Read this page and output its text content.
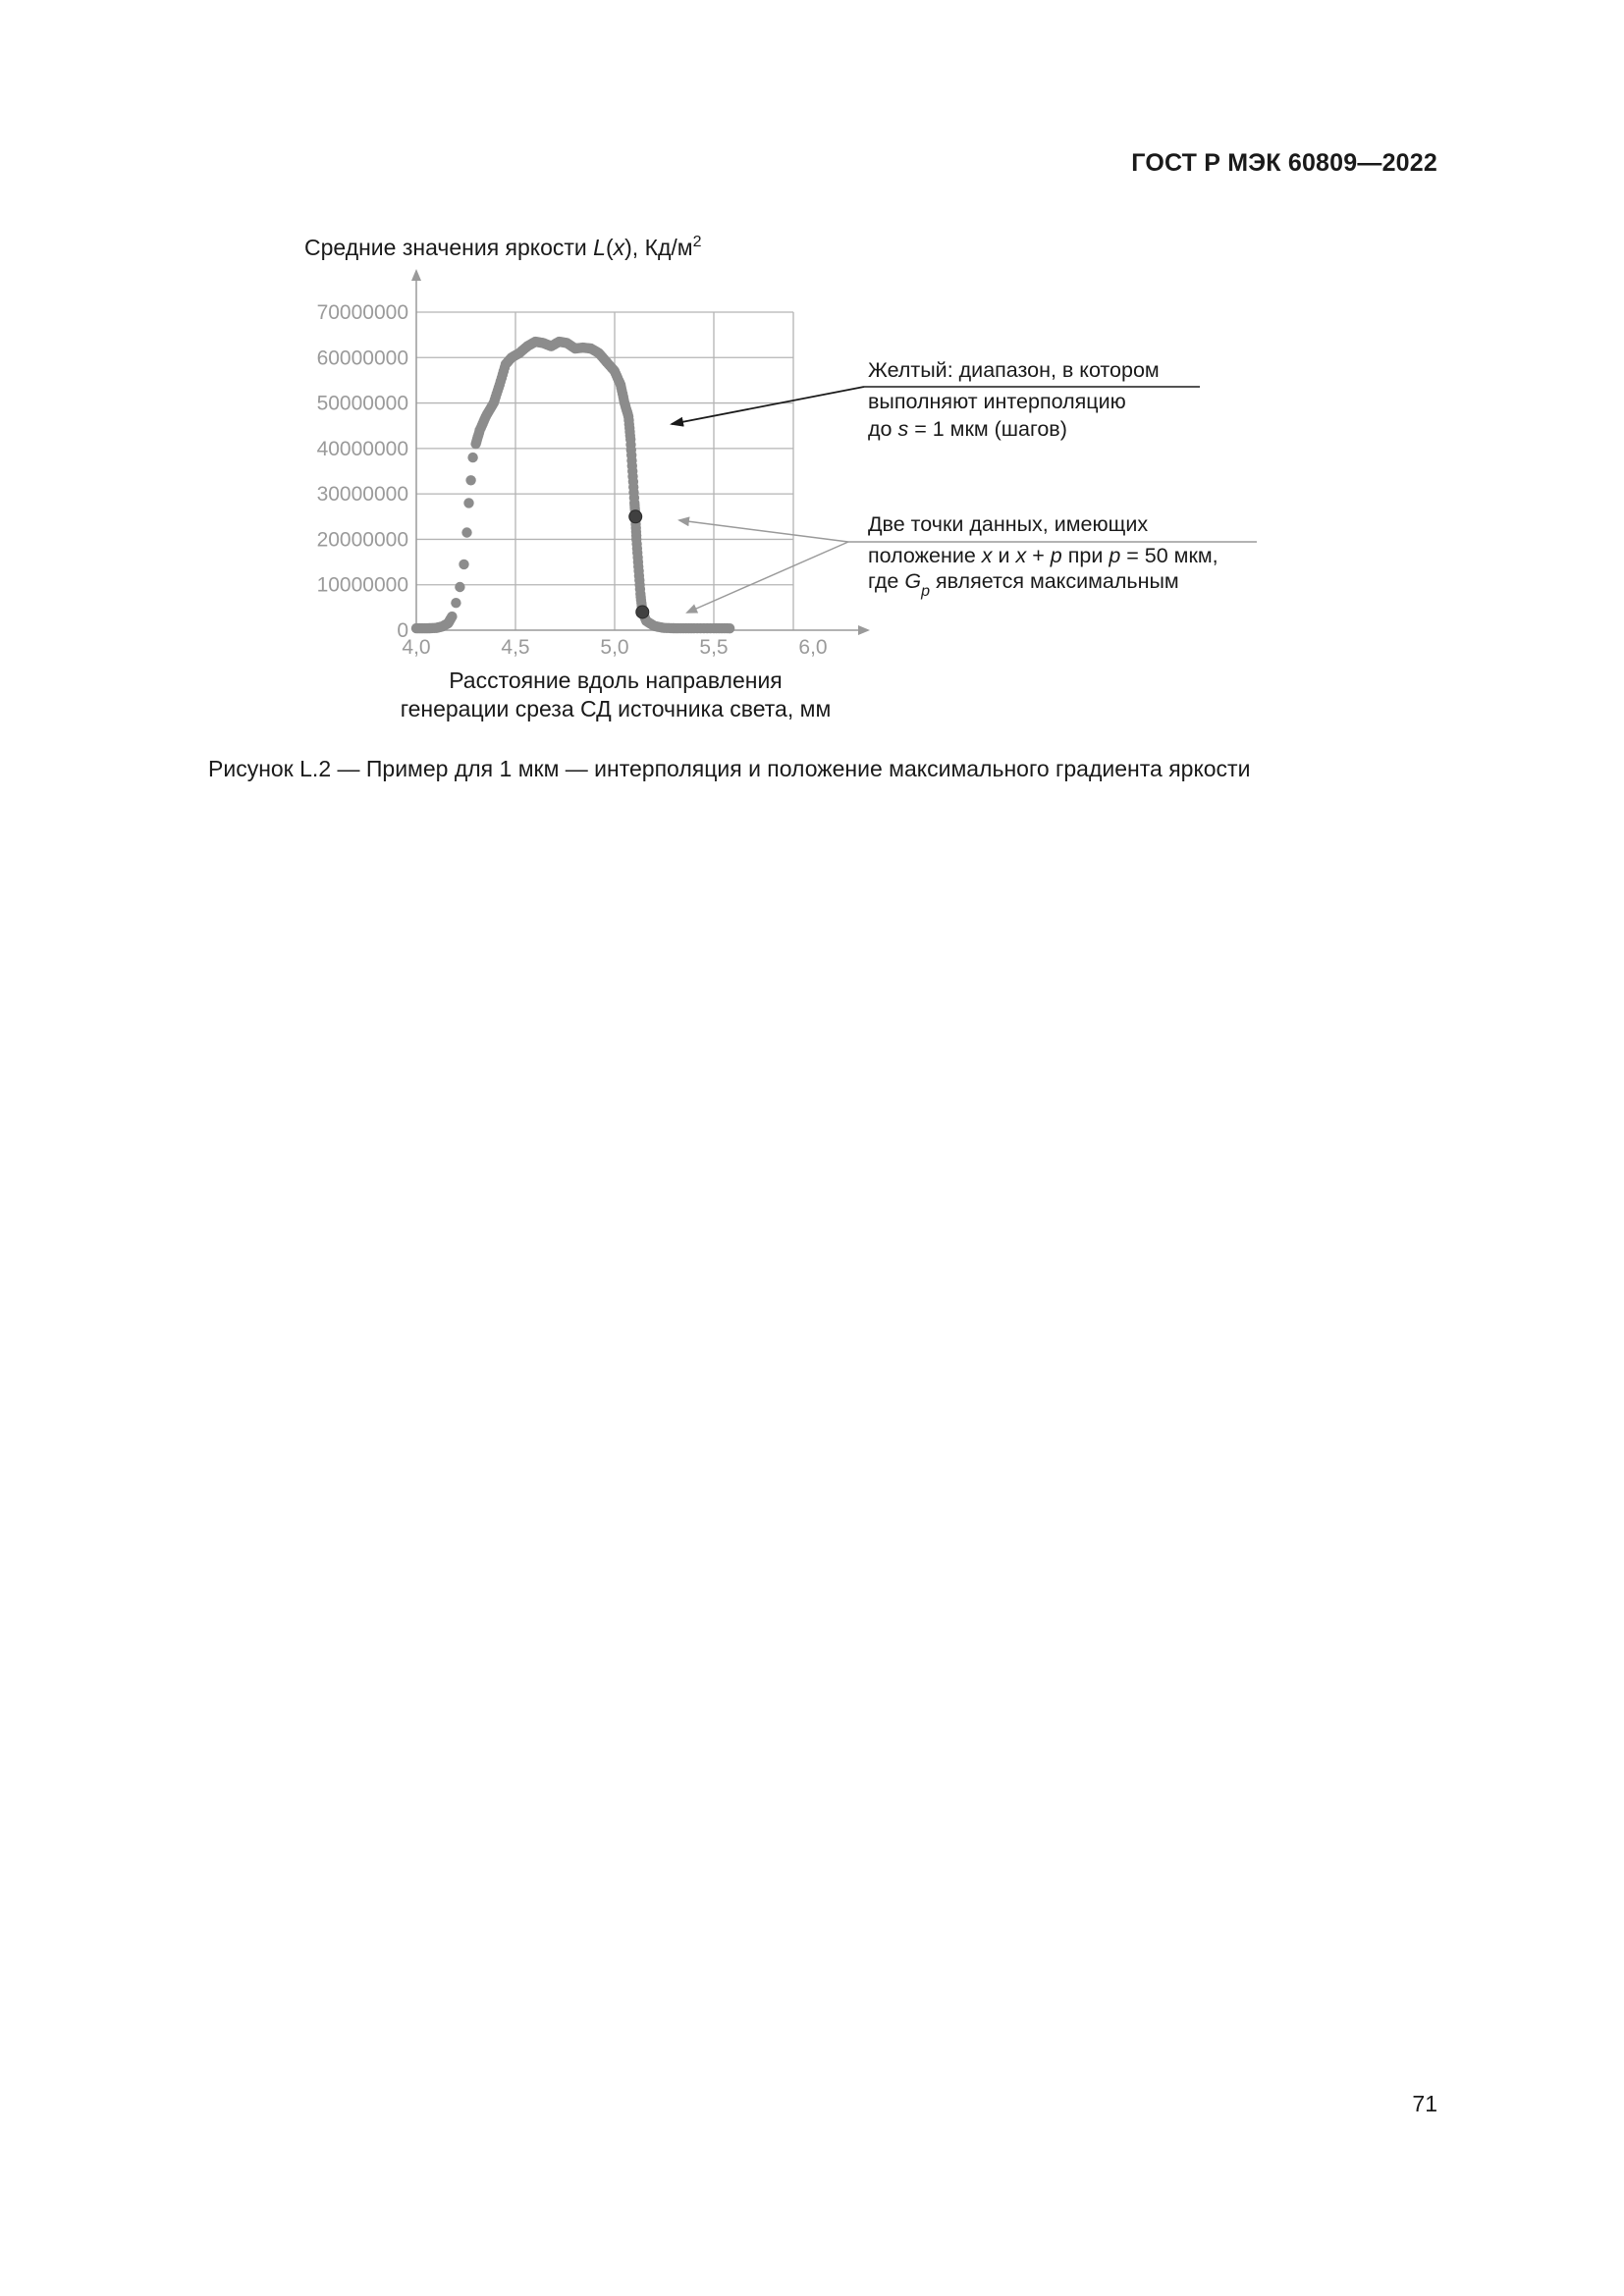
ГОСТ Р МЭК 60809—2022
Средние значения яркости L(x), $Кд/м^2$
0
10000000
20000000
30000000
40000000
50000000
60000000
70000000
4,0	4,5	5,0	5,5	6,0
Расстояние вдоль направления
генерации среза СД источника света, мм
Желтый: диапазон, в котором
выполняют интерполяцию
до s = 1 мкм (шагов)
Две точки данных, имеющих
положение x и x + p при p = 50 мкм,
где $G_p$ является максимальным
Рисунок L.2 — Пример для 1 мкм — интерполяция и положение максимального градиента яркости
71
